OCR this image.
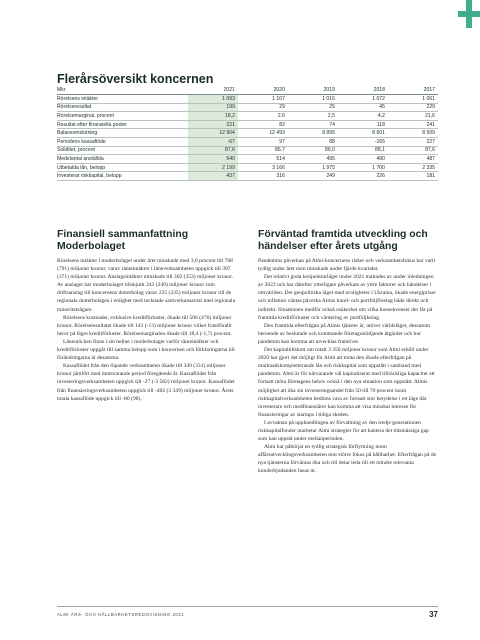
Flerårsöversikt koncernen
Mkr	2021	2020	2019	2018	2017
Rörelsens intäkter	1 093	1 107	1 016	1 072	1 061
Rörelseresultat	199	29	25	45	229
Rörelsemarginal, procent	18,2	2,6	2,5	4,2	21,6
Resultat efter finansiella poster	221	82	74	118	241
Balansomslutning	12 904	12 493	8 895	8 601	8 509
Periodens kassaflöde	-67	97	88	-165	227
Soliditet, procent	87,6	86,7	86,0	88,1	87,6
Medelantal anställda	540	514	495	490	487
Utbetalda lån, belopp	2 199	3 166	1 975	1 700	2 335
Investerat riskkapital, belopp	437	316	249	226	181
Finansiell sammanfattning Moderbolaget

Rörelsens intäkter i moderbolaget under året minskade med 3,0 procent till 768 (791) miljoner kronor, varav ränteintäkter i låneverksamheten uppgick till 397 (371) miljoner kronor. Anslagsintäkter minskade till 302 (353) miljoner kronor. Av anslaget har moderbolaget tillskjutit 243 (249) miljoner kronor som driftsanslag till koncernens dotterbolag varav 225 (235) miljoner kronor till de regionala dotterbolagen i enlighet med tecknade samverkansavtal med regionala minoritetsägare.

Rörelsens kostnader, exklusive kreditförluster, ökade till 506 (476) miljoner kronor. Rörelseresultatet ökade till 141 (-13) miljoner kronor vilket framförallt beror på lägre kreditförluster. Rörelsemarginalen ökade till 18,4 (-1,7) procent.

Låneutöcken finns i sin helhet i moderbolaget varför ränteintäkter och kreditförluster uppgår till samma belopp som i koncernen och förklaringarna till förändringarna är desamma.

Kassaflödet från den löpande verksamheten ökade till 349 (331) miljoner kronor jämfört med motsvarande period föregående år. Kassaflödet från investeringsverksamheten uppgick till -27 (-3 582) miljoner kronor. Kassaflödet från finansieringsverksamheten uppgick till -402 (3 349) miljoner kronor. Årets totala kassaflöde uppgick till -80 (98).

Förväntad framtida utveckling och händelser efter årets utgång

Pandemins påverkan på Almi-koncernens risker och verksamhetsfokus har varit tydlig under året men minskade under fjärde kvartalet.

Det relativt goda konjunkturläget under 2021 mattades av under inledningen av 2022 och har därefter ytterligare påverkats av yttre faktorer och händelser i omvärlden. Det geopolitiska läget med oroligheter i Ukraina, ökade energipriser och inflation väntas påverka Almis kund- och portföljföretag både direkt och indirekt. Situationen medför också osäkerhet om vilka konsekvenser det får på framtida kreditförluster och värdering av portföljbolag.

Den framtida efterfrågan på Almis tjänster är, utöver världsläget, dessutom beroende av beslutade och kommande företagsstödjande åtgärder och hur pandemin kan komma att utvecklas framöver.

Det kapitaltillskott om totalt 3 350 miljoner kronor som Almi erhöll under 2020 har gjort det möjligt för Almi att möta den ökade efterfrågan på marknadskompletterande lån och riskkapital som uppstått i samband med pandemin. Almi är för närvarande väl kapitaliserat med tillräckliga kapacitet att fortsatt möta företagens behov också i den nya situation som uppstått. Almis möjlighet att öka sin investeringsandel från 50 till 70 procent inom riskkapitalverksamheten bedöms vara av fortsatt stor betydelse i ett läge där investerare och medfinansiärer kan komma att visa minskat intresse för finansieringar av startups i tidiga skeden.

I avvaktan på upphandlingen av förvaltning av den tredje generationen riskkapitalfonder utarbetar Almi strategier för att hantera det tidsmässiga gap som kan uppstå under mellanperioden.

Almi har påbörjat en tydlig strategisk förflyttning inom affärsutvecklingsverksamheten mot större fokus på hållbarhet. Efterfrågan på de nya tjänsterna förväntas öka och till delar leda till ett mindre relevanta kunderbjudanden fasas ut.

ALMI ÅRS- OCH HÅLLBARHETSREDOVISNING 2021	37
